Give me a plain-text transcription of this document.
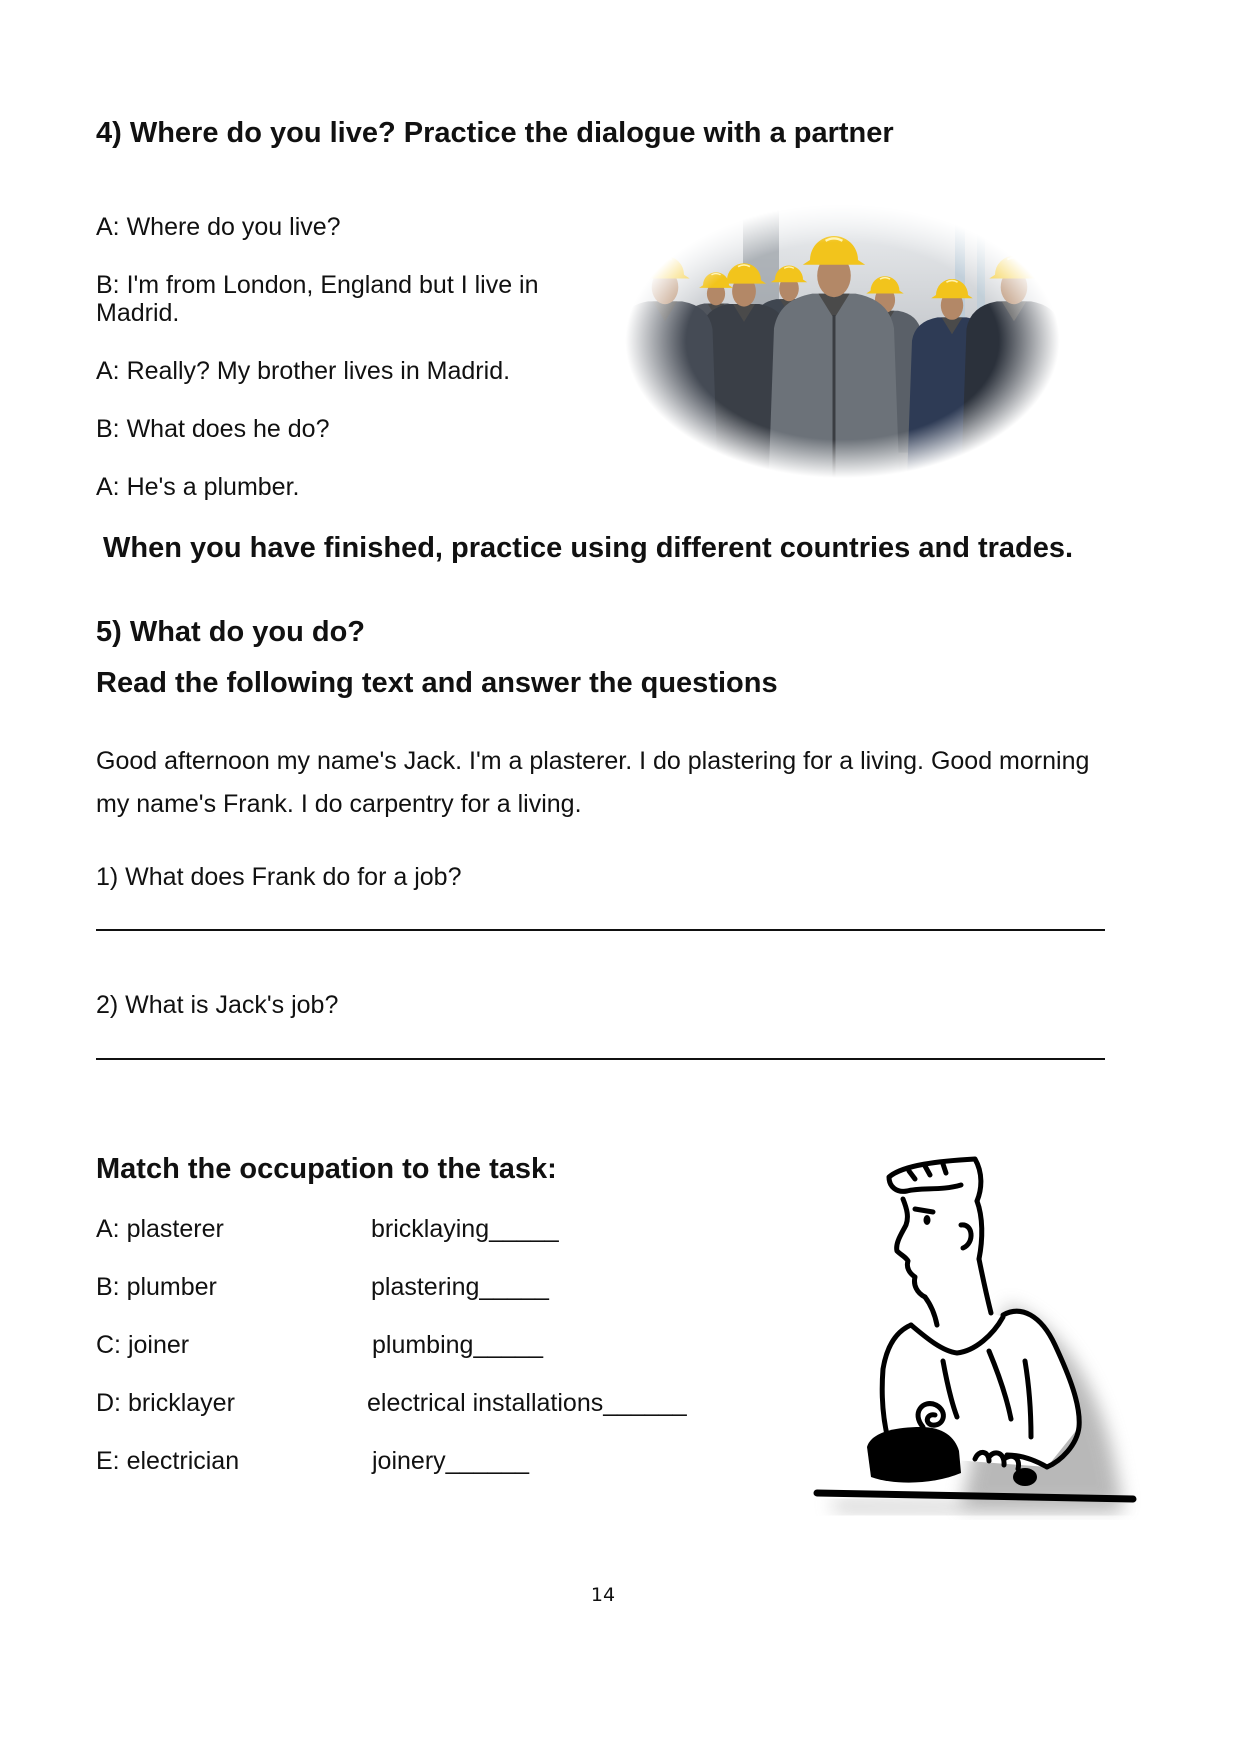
4) Where do you live? Practice the dialogue with a partner

A: Where do you live?

B: I'm from London, England but I live in Madrid.

A: Really? My brother lives in Madrid.

B: What does he do?

A: He's a plumber.

When you have finished, practice using different countries and trades.

5) What do you do?
Read the following text and answer the questions

Good afternoon my name's Jack. I'm a plasterer. I do plastering for a living. Good morning my name's Frank. I do carpentry for a living.

1) What does Frank do for a job?

2) What is Jack's job?

Match the occupation to the task:
A: plasterer	bricklaying_____
B: plumber	plastering_____
C: joiner	plumbing_____
D: bricklayer	electrical installations______
E: electrician	joinery______
14
